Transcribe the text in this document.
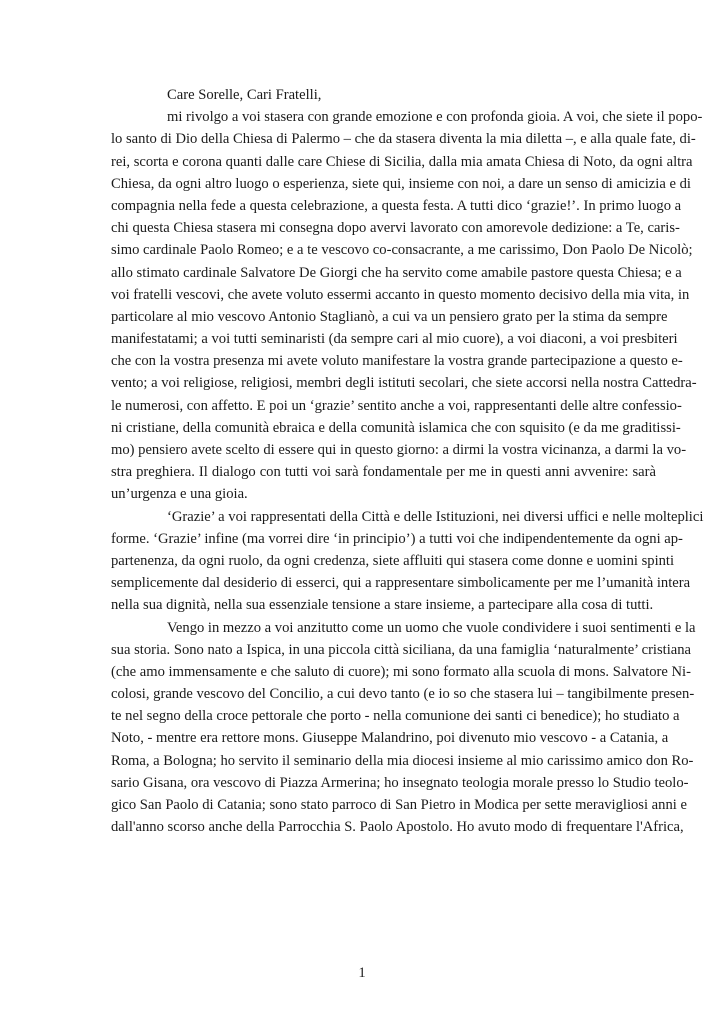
Care Sorelle, Cari Fratelli,
mi rivolgo a voi stasera con grande emozione e con profonda gioia. A voi, che siete il popo-
lo santo di Dio della Chiesa di Palermo – che da stasera diventa la mia diletta –, e alla quale fate, di-
rei, scorta e corona quanti dalle care Chiese di Sicilia, dalla mia amata Chiesa di Noto, da ogni altra
Chiesa, da ogni altro luogo o esperienza, siete qui, insieme con noi, a dare un senso di amicizia e di
compagnia nella fede a questa celebrazione, a questa festa. A tutti dico ‘grazie!’. In primo luogo a
chi questa Chiesa stasera mi consegna dopo avervi lavorato con amorevole dedizione: a Te, caris-
simo cardinale Paolo Romeo; e a te vescovo co-consacrante, a me carissimo, Don Paolo De Nicolò;
allo stimato cardinale Salvatore De Giorgi che ha servito come amabile pastore questa Chiesa; e a
voi fratelli vescovi, che avete voluto essermi accanto in questo momento decisivo della mia vita, in
particolare al mio vescovo Antonio Staglianò, a cui va un pensiero grato per la stima da sempre
manifestatami; a voi tutti seminaristi (da sempre cari al mio cuore), a voi diaconi, a voi presbiteri
che con la vostra presenza mi avete voluto manifestare la vostra grande partecipazione a questo e-
vento; a voi religiose, religiosi, membri degli istituti secolari, che siete accorsi nella nostra Cattedra-
le numerosi, con affetto. E poi un ‘grazie’ sentito anche a voi, rappresentanti delle altre confessio-
ni cristiane, della comunità ebraica e della comunità islamica che con squisito (e da me graditissi-
mo) pensiero avete scelto di essere qui in questo giorno: a dirmi la vostra vicinanza, a darmi la vo-
stra preghiera. Il dialogo con tutti voi sarà fondamentale per me in questi anni avvenire: sarà
un’urgenza e una gioia.
‘Grazie’ a voi rappresentati della Città e delle Istituzioni, nei diversi uffici e nelle molteplici
forme. ‘Grazie’ infine (ma vorrei dire ‘in principio’) a tutti voi che indipendentemente da ogni ap-
partenenza, da ogni ruolo, da ogni credenza, siete affluiti qui stasera come donne e uomini spinti
semplicemente dal desiderio di esserci, qui a rappresentare simbolicamente per me l’umanità intera
nella sua dignità, nella sua essenziale tensione a stare insieme, a partecipare alla cosa di tutti.
Vengo in mezzo a voi anzitutto come un uomo che vuole condividere i suoi sentimenti e la
sua storia. Sono nato a Ispica, in una piccola città siciliana, da una famiglia ‘naturalmente’ cristiana
(che amo immensamente e che saluto di cuore); mi sono formato alla scuola di mons. Salvatore Ni-
colosi, grande vescovo del Concilio, a cui devo tanto (e io so che stasera lui – tangibilmente presen-
te nel segno della croce pettorale che porto - nella comunione dei santi ci benedice); ho studiato a
Noto, - mentre era rettore mons. Giuseppe Malandrino, poi divenuto mio vescovo - a Catania, a
Roma, a Bologna; ho servito il seminario della mia diocesi insieme al mio carissimo amico don Ro-
sario Gisana, ora vescovo di Piazza Armerina; ho insegnato teologia morale presso lo Studio teolo-
gico San Paolo di Catania; sono stato parroco di San Pietro in Modica per sette meravigliosi anni e
dall'anno scorso anche della Parrocchia S. Paolo Apostolo. Ho avuto modo di frequentare l'Africa,
1
